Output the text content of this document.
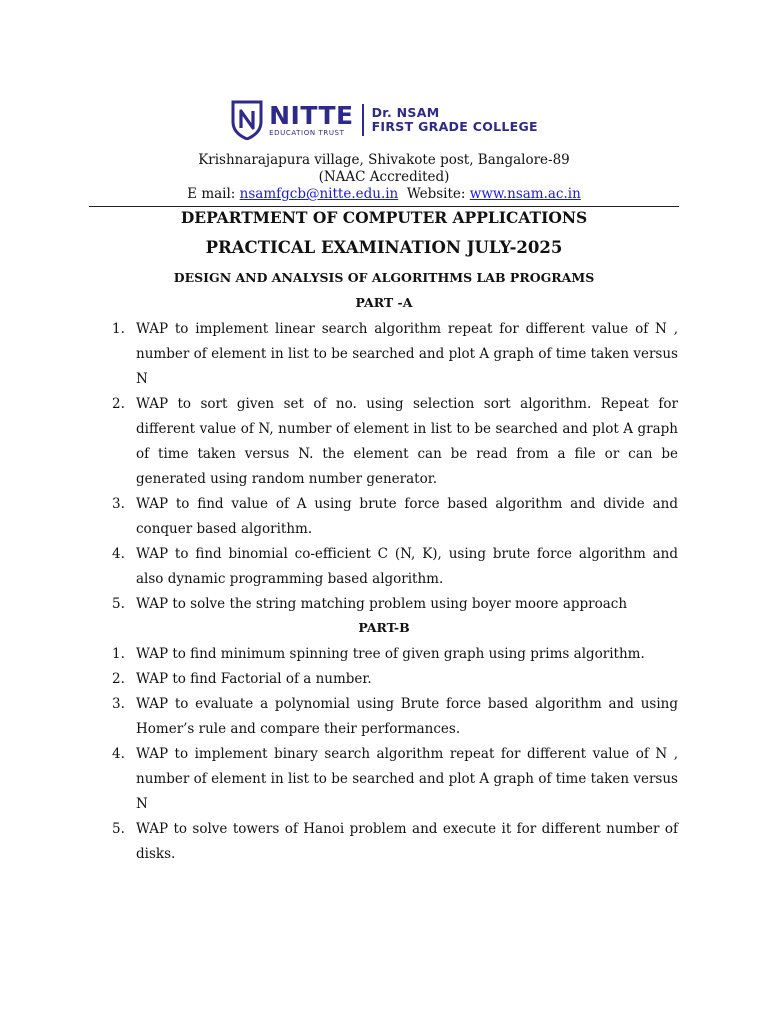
NITTE
EDUCATION TRUST
Dr. NSAM
FIRST GRADE COLLEGE
Krishnarajapura village, Shivakote post, Bangalore-89
(NAAC Accredited)
E mail: nsamfgcb@nitte.edu.in Website: www.nsam.ac.in
DEPARTMENT OF COMPUTER APPLICATIONS
PRACTICAL EXAMINATION JULY-2025
DESIGN AND ANALYSIS OF ALGORITHMS LAB PROGRAMS
PART -A
1. WAP to implement linear search algorithm repeat for different value of N , number of element in list to be searched and plot A graph of time taken versus N
2. WAP to sort given set of no. using selection sort algorithm. Repeat for different value of N, number of element in list to be searched and plot A graph of time taken versus N. the element can be read from a file or can be generated using random number generator.
3. WAP to find value of A using brute force based algorithm and divide and conquer based algorithm.
4. WAP to find binomial co-efficient C (N, K), using brute force algorithm and also dynamic programming based algorithm.
5. WAP to solve the string matching problem using boyer moore approach
PART-B
1. WAP to find minimum spinning tree of given graph using prims algorithm.
2. WAP to find Factorial of a number.
3. WAP to evaluate a polynomial using Brute force based algorithm and using Homer’s rule and compare their performances.
4. WAP to implement binary search algorithm repeat for different value of N , number of element in list to be searched and plot A graph of time taken versus N
5. WAP to solve towers of Hanoi problem and execute it for different number of disks.
